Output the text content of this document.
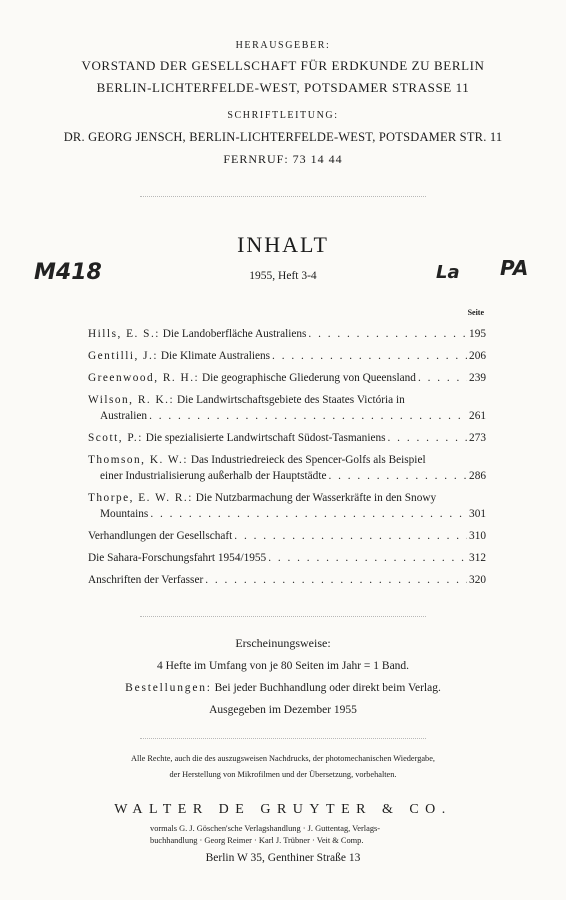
HERAUSGEBER:
VORSTAND DER GESELLSCHAFT FÜR ERDKUNDE ZU BERLIN
BERLIN-LICHTERFELDE-WEST, POTSDAMER STRASSE 11
SCHRIFTLEITUNG:
DR. GEORG JENSCH, BERLIN-LICHTERFELDE-WEST, POTSDAMER STR. 11
FERNRUF: 73 14 44
M418	La PA
INHALT
1955, Heft 3-4
Seite
Hills, E. S.: Die Landoberfläche Australiens . . .	195
Gentilli, J.: Die Klimate Australiens . . .	206
Greenwood, R. H.: Die geographische Gliederung von Queensland . . .	239
Wilson, R. K.: Die Landwirtschaftsgebiete des Staates Victória in
Australien . . .	261
Scott, P.: Die spezialisierte Landwirtschaft Südost-Tasmaniens . . .	273
Thomson, K. W.: Das Industriedreieck des Spencer-Golfs als Beispiel
einer Industrialisierung außerhalb der Hauptstädte . . .	286
Thorpe, E. W. R.: Die Nutzbarmachung der Wasserkräfte in den Snowy
Mountains . . .	301
Verhandlungen der Gesellschaft . . .	310
Die Sahara-Forschungsfahrt 1954/1955 . . .	312
Anschriften der Verfasser . . .	320
Erscheinungsweise:
4 Hefte im Umfang von je 80 Seiten im Jahr = 1 Band.
Bestellungen: Bei jeder Buchhandlung oder direkt beim Verlag.
Ausgegeben im Dezember 1955
Alle Rechte, auch die des auszugsweisen Nachdrucks, der photomechanischen Wiedergabe,
der Herstellung von Mikrofilmen und der Übersetzung, vorbehalten.
WALTER DE GRUYTER & CO.
vormals G. J. Göschen'sche Verlagshandlung · J. Guttentag, Verlags-
buchhandlung · Georg Reimer · Karl J. Trübner · Veit & Comp.
Berlin W 35, Genthiner Straße 13
